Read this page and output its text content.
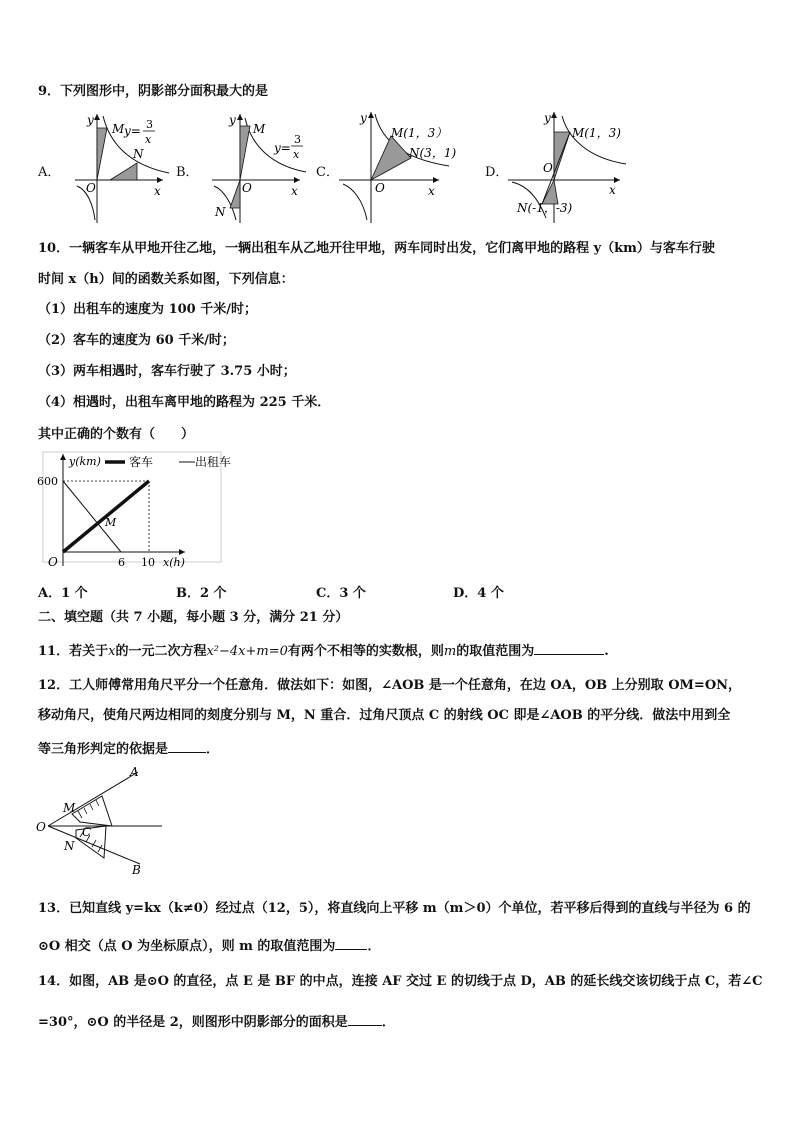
9．下列图形中，阴影部分面积最大的是
A．
y
x
O
M
N
y= 3
x
B．
y
x
O
M
N
y=
3
x
C．
y
x
O
M(1，3）
N(3，1)
D．
y
x
O
M(1，3)
N(-1，-3)
10．一辆客车从甲地开往乙地，一辆出租车从乙地开往甲地，两车同时出发，它们离甲地的路程 y（km）与客车行驶
时间 x（h）间的函数关系如图，下列信息：
（1）出租车的速度为 100 千米/时；
（2）客车的速度为 60 千米/时；
（3）两车相遇时，客车行驶了 3.75 小时；
（4）相遇时，出租车离甲地的路程为 225 千米．
其中正确的个数有（　　）
y(km) 客车	出租车
600
O	6 10 x(h)
M
A．1 个	B．2 个	C．3 个	D．4 个
二、填空题（共 7 小题，每小题 3 分，满分 21 分）
11．若关于x的一元二次方程x²−4x+m=0有两个不相等的实数根，则m的取值范围为	.
12．工人师傅常用角尺平分一个任意角．做法如下：如图，∠AOB 是一个任意角，在边 OA，OB 上分别取 OM=ON，
移动角尺，使角尺两边相同的刻度分别与 M，N 重合．过角尺顶点 C 的射线 OC 即是∠AOB 的平分线．做法中用到全
等三角形判定的依据是	．
A
B
O
M
N
C
13．已知直线 y=kx（k≠0）经过点（12，5），将直线向上平移 m（m＞0）个单位，若平移后得到的直线与半径为 6 的
⊙O 相交（点 O 为坐标原点），则 m 的取值范围为 ．
14．如图，AB 是⊙O 的直径，点 E 是 BF 的中点，连接 AF 交过 E 的切线于点 D，AB 的延长线交该切线于点 C，若∠C
=30°，⊙O 的半径是 2，则图形中阴影部分的面积是	．
